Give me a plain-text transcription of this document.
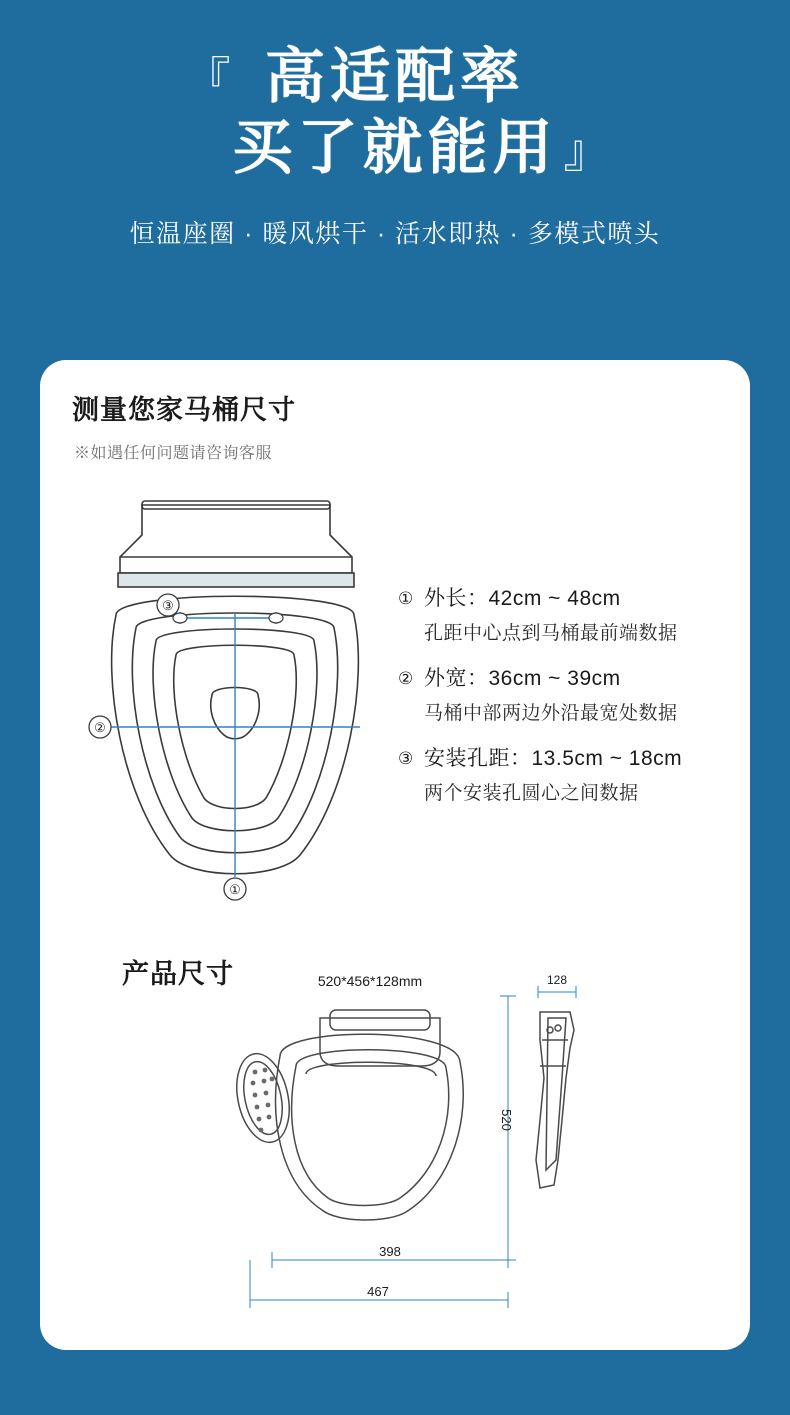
『 高适配率
买了就能用 』
恒温座圈 · 暖风烘干 · 活水即热 · 多模式喷头
测量您家马桶尺寸
※如遇任何问题请咨询客服
①
②
③	① 外长：42cm ~ 48cm
孔距中心点到马桶最前端数据
② 外宽：36cm ~ 39cm
马桶中部两边外沿最宽处数据
③ 安装孔距：13.5cm ~ 18cm
两个安装孔圆心之间数据
产品尺寸	520*456*128mm
520
398
467
128
